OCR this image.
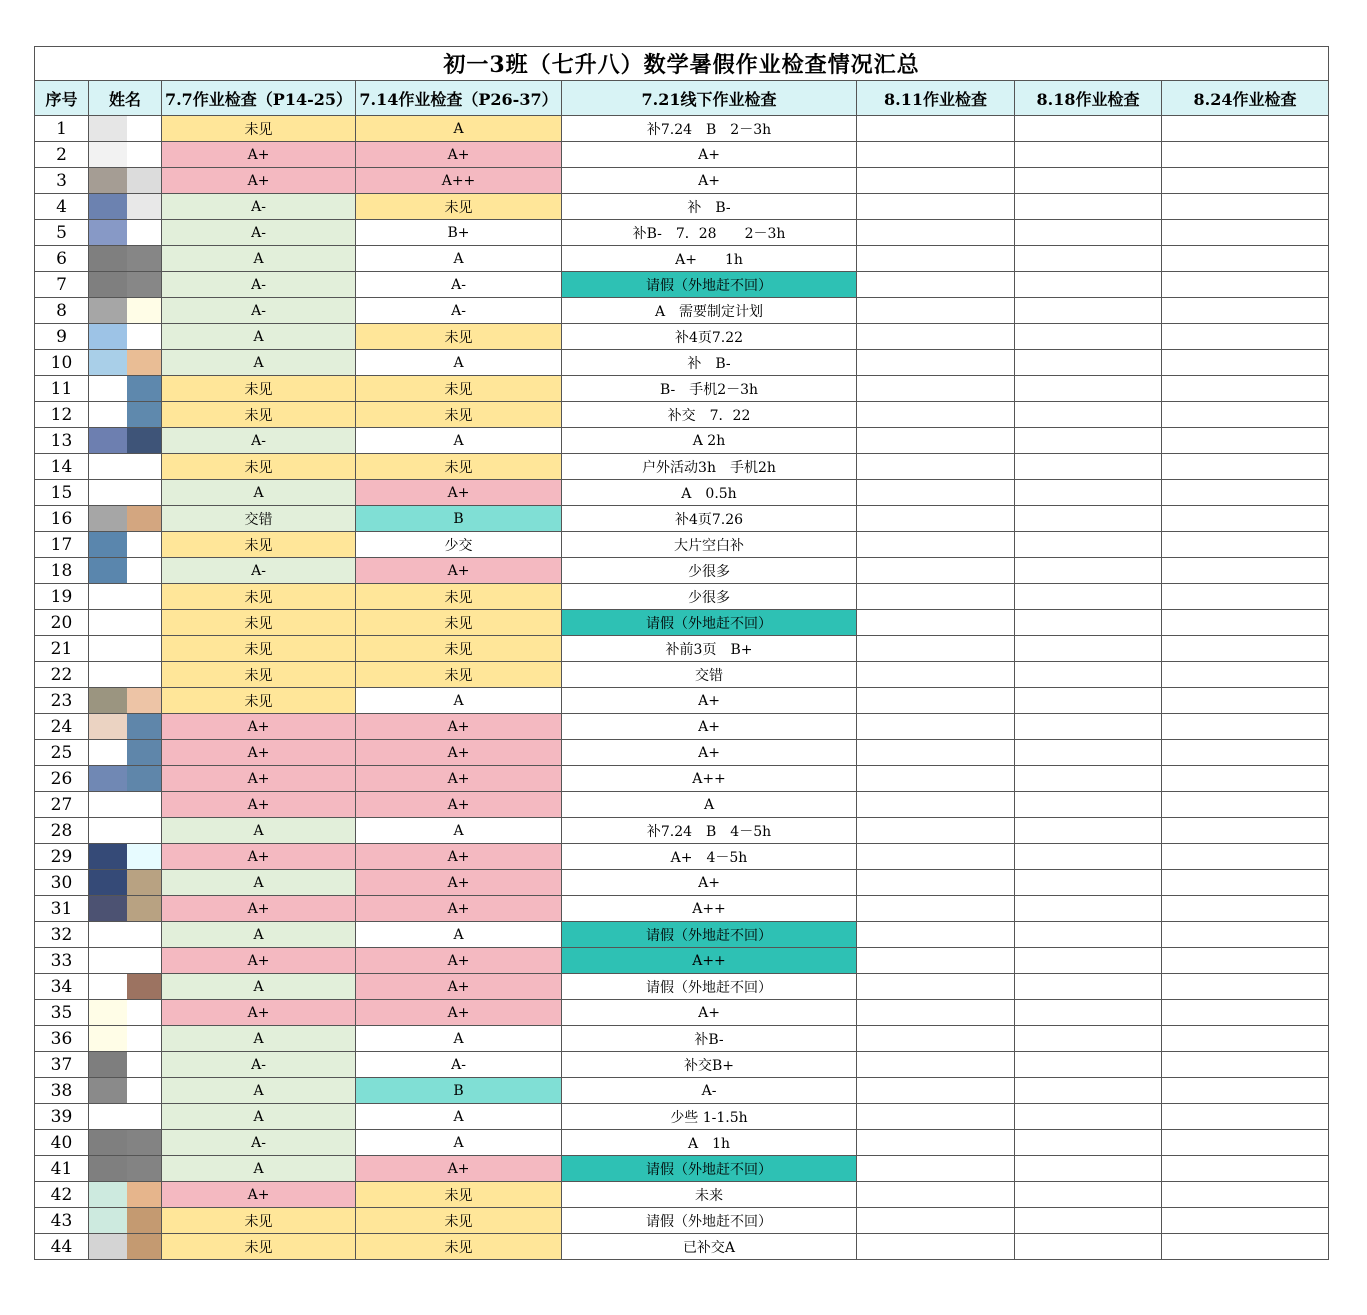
初一3班（七升八）数学暑假作业检查情况汇总							
序号	姓名	7.7作业检查（P14-25）	7.14作业检查（P26-37）	7.21线下作业检查	8.11作业检查	8.18作业检查	8.24作业检查
1		未见	A	补7.24　B　2－3h			
2		A+	A+	A+			
3		A+	A++	A+			
4		A-	未见	补　B-			
5		A-	B+	补B-　7．28　　2－3h			
6		A	A	A+　　1h			
7		A-	A-	请假（外地赶不回）			
8		A-	A-	A　需要制定计划			
9		A	未见	补4页7.22			
10		A	A	补　B-			
11		未见	未见	B-　手机2－3h			
12		未见	未见	补交　7．22			
13		A-	A	A 2h			
14		未见	未见	户外活动3h　手机2h			
15		A	A+	A　0.5h			
16		交错	B	补4页7.26			
17		未见	少交	大片空白补			
18		A-	A+	少很多			
19		未见	未见	少很多			
20		未见	未见	请假（外地赶不回）			
21		未见	未见	补前3页　B+			
22		未见	未见	交错			
23		未见	A	A+			
24		A+	A+	A+			
25		A+	A+	A+			
26		A+	A+	A++			
27		A+	A+	A			
28		A	A	补7.24　B　4－5h			
29		A+	A+	A+　4－5h			
30		A	A+	A+			
31		A+	A+	A++			
32		A	A	请假（外地赶不回）			
33		A+	A+	A++			
34		A	A+	请假（外地赶不回）			
35		A+	A+	A+			
36		A	A	补B-			
37		A-	A-	补交B+			
38		A	B	A-			
39		A	A	少些 1-1.5h			
40		A-	A	A　1h			
41		A	A+	请假（外地赶不回）			
42		A+	未见	未来			
43		未见	未见	请假（外地赶不回）			
44		未见	未见	已补交A			
